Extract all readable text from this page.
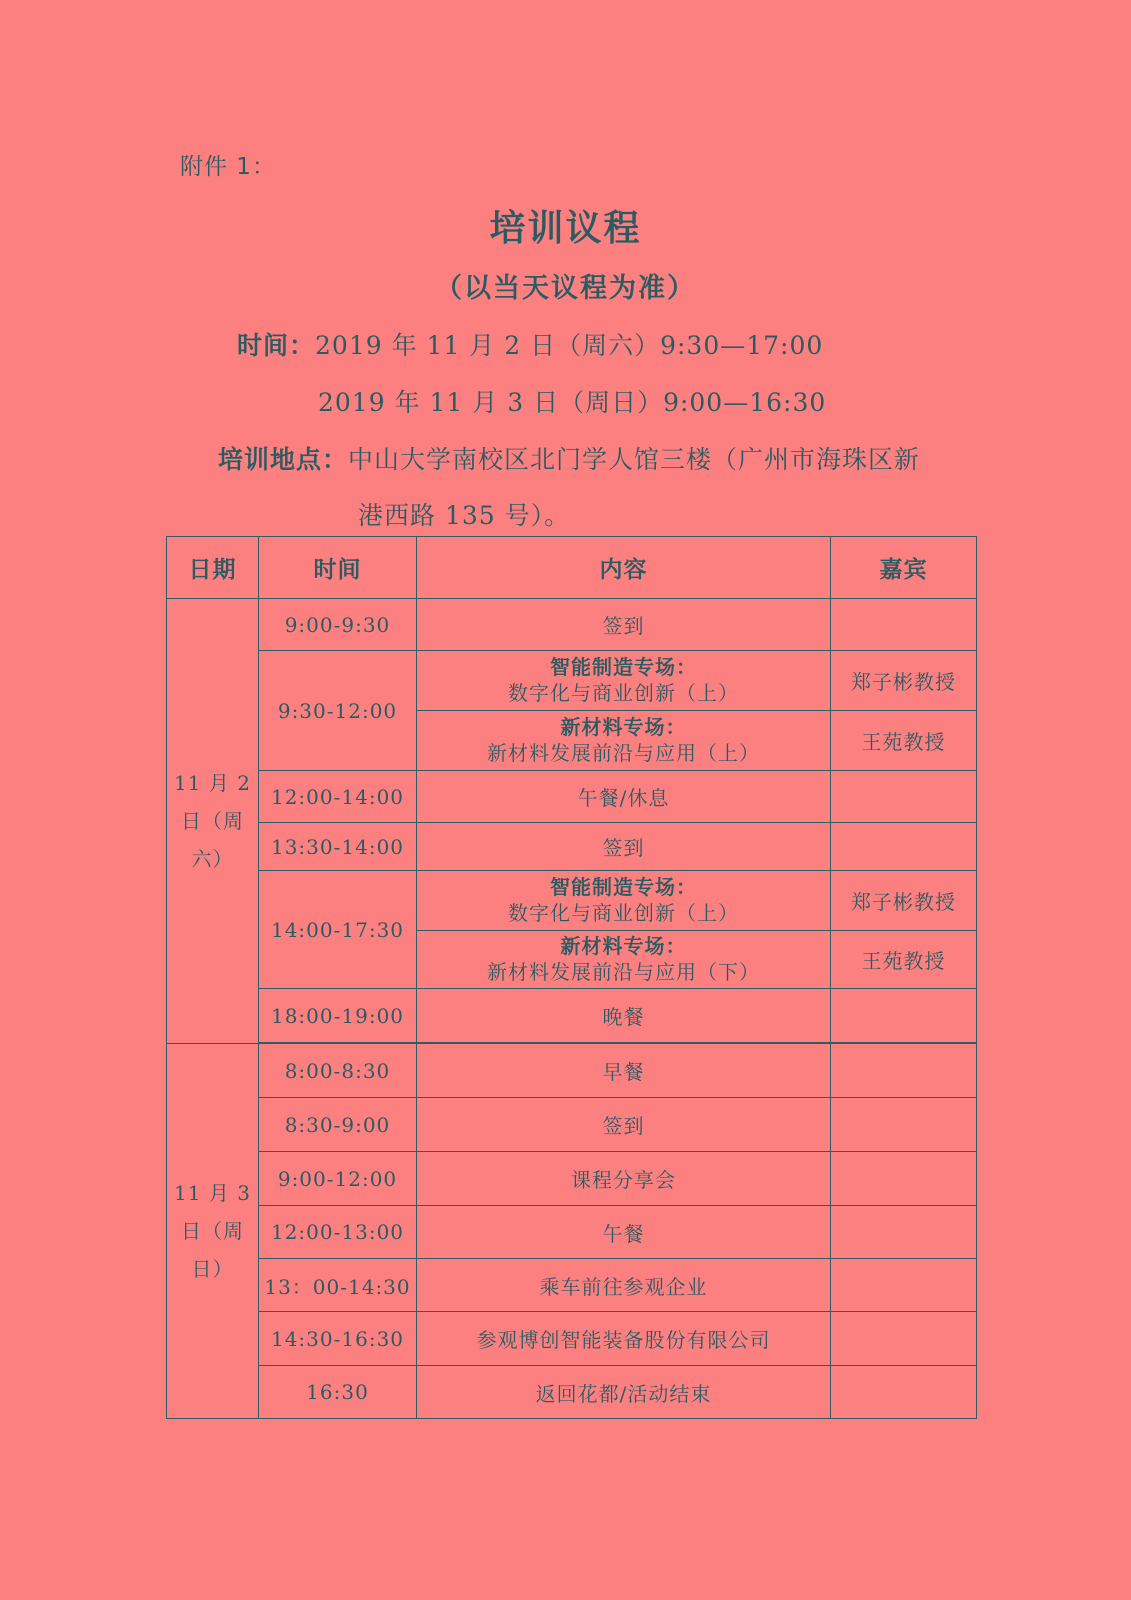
附件 1：
培训议程
（以当天议程为准）
时间：2019 年 11 月 2 日（周六）9:30—17:00
2019 年 11 月 3 日（周日）9:00—16:30
培训地点：中山大学南校区北门学人馆三楼（广州市海珠区新
港西路 135 号）。
日期	时间	内容	嘉宾
11 月 2
日（周
六）	9:00-9:30	签到	
	9:30-12:00	智能制造专场：
数字化与商业创新（上）	郑子彬教授

		新材料专场：
新材料发展前沿与应用（上）	王苑教授
	12:00-14:00	午餐/休息	
	13:30-14:00	签到	
	14:00-17:30	智能制造专场：
数字化与商业创新（上）	郑子彬教授

		新材料专场：
新材料发展前沿与应用（下）	王苑教授
	18:00-19:00	晚餐	

11 月 3
日（周
日）	8:00-8:30	早餐	
	8:30-9:00	签到	
	9:00-12:00	课程分享会	
	12:00-13:00	午餐	
	13：00-14:30	乘车前往参观企业	
	14:30-16:30	参观博创智能装备股份有限公司	
	16:30	返回花都/活动结束	
